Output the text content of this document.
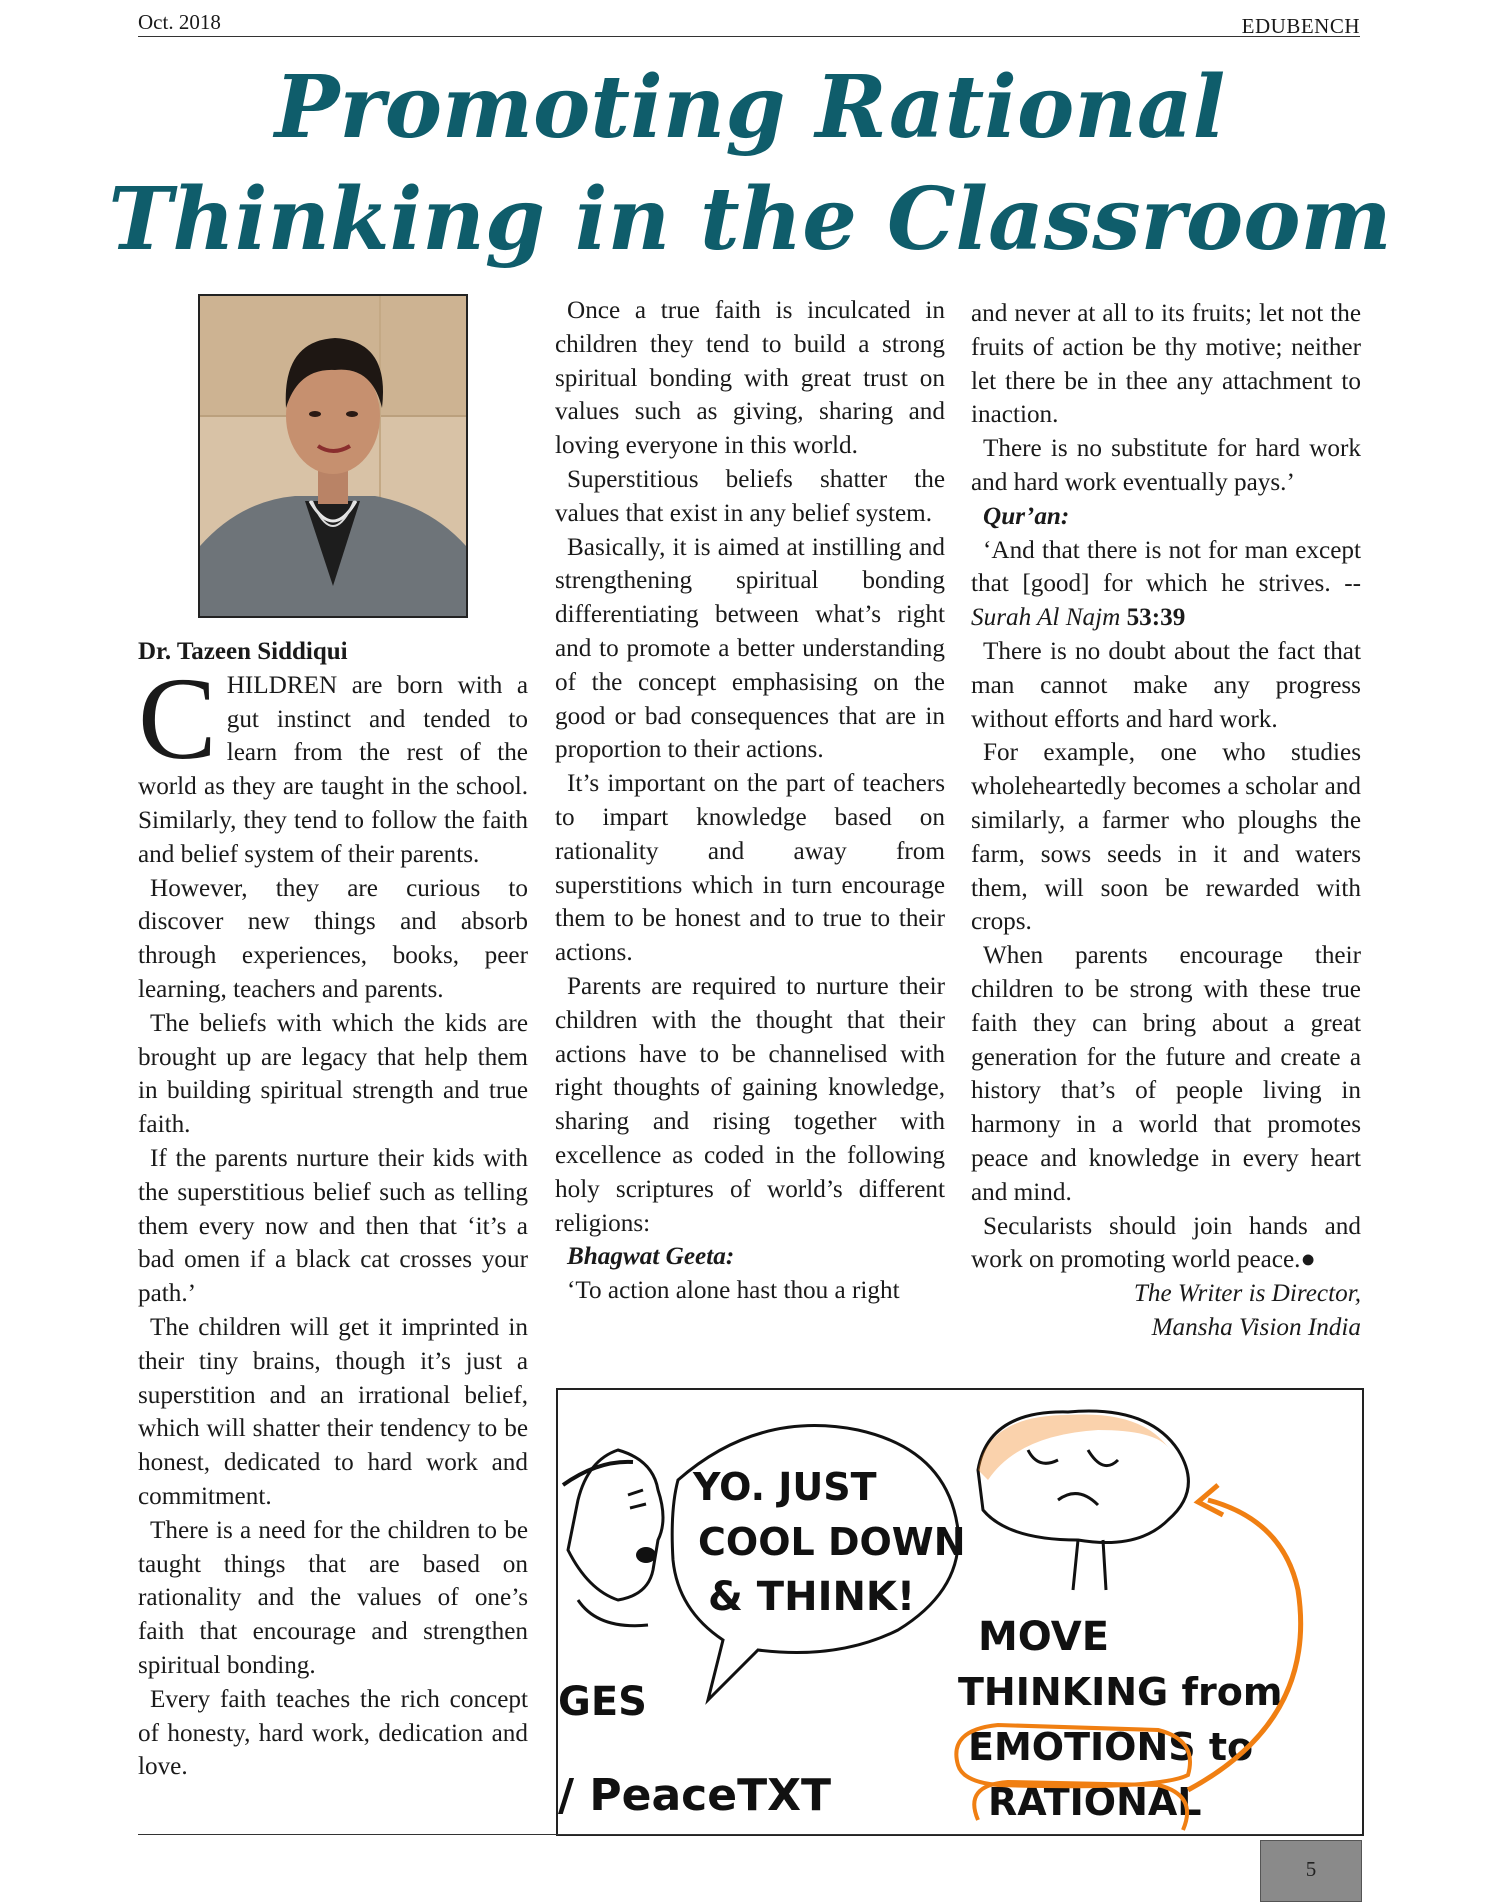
Oct. 2018	EDUBENCH
Promoting Rational
Thinking in the Classroom

Dr. Tazeen Siddiqui

CHILDREN are born with a gut instinct and tended to learn from the rest of the world as they are taught in the school. Similarly, they tend to follow the faith and belief system of their parents.

However, they are curious to discover new things and absorb through experiences, books, peer learning, teachers and parents.

The beliefs with which the kids are brought up are legacy that help them in building spiritual strength and true faith.

If the parents nurture their kids with the superstitious belief such as telling them every now and then that ‘it’s a bad omen if a black cat crosses your path.’

The children will get it imprinted in their tiny brains, though it’s just a superstition and an irrational belief, which will shatter their tendency to be honest, dedicated to hard work and commitment.

There is a need for the children to be taught things that are based on rationality and the values of one’s faith that encourage and strengthen spiritual bonding.

Every faith teaches the rich concept of honesty, hard work, dedication and love.

Once a true faith is inculcated in children they tend to build a strong spiritual bonding with great trust on values such as giving, sharing and loving everyone in this world.

Superstitious beliefs shatter the values that exist in any belief system.

Basically, it is aimed at instilling and strengthening spiritual bonding differentiating between what’s right and to promote a better understanding of the concept emphasising on the good or bad consequences that are in proportion to their actions.

It’s important on the part of teachers to impart knowledge based on rationality and away from superstitions which in turn encourage them to be honest and to true to their actions.

Parents are required to nurture their children with the thought that their actions have to be channelised with right thoughts of gaining knowledge, sharing and rising together with excellence as coded in the following holy scriptures of world’s different religions:

Bhagwat Geeta:

‘To action alone hast thou a right

and never at all to its fruits; let not the fruits of action be thy motive; neither let there be in thee any attachment to inaction.

There is no substitute for hard work and hard work eventually pays.’

Qur’an:

‘And that there is not for man except that [good] for which he strives. -- Surah Al Najm 53:39

There is no doubt about the fact that man cannot make any progress without efforts and hard work.

For example, one who studies wholeheartedly becomes a scholar and similarly, a farmer who ploughs the farm, sows seeds in it and waters them, will soon be rewarded with crops.

When parents encourage their children to be strong with these true faith they can bring about a great generation for the future and create a history that’s of people living in harmony in a world that promotes peace and knowledge in every heart and mind.

Secularists should join hands and work on promoting world peace.●

The Writer is Director,

Mansha Vision India

YO. JUST
COOL DOWN
& THINK!
MOVE
THINKING from
EMOTIONS to
RATIONAL
GES
/ PeaceTXT
5
